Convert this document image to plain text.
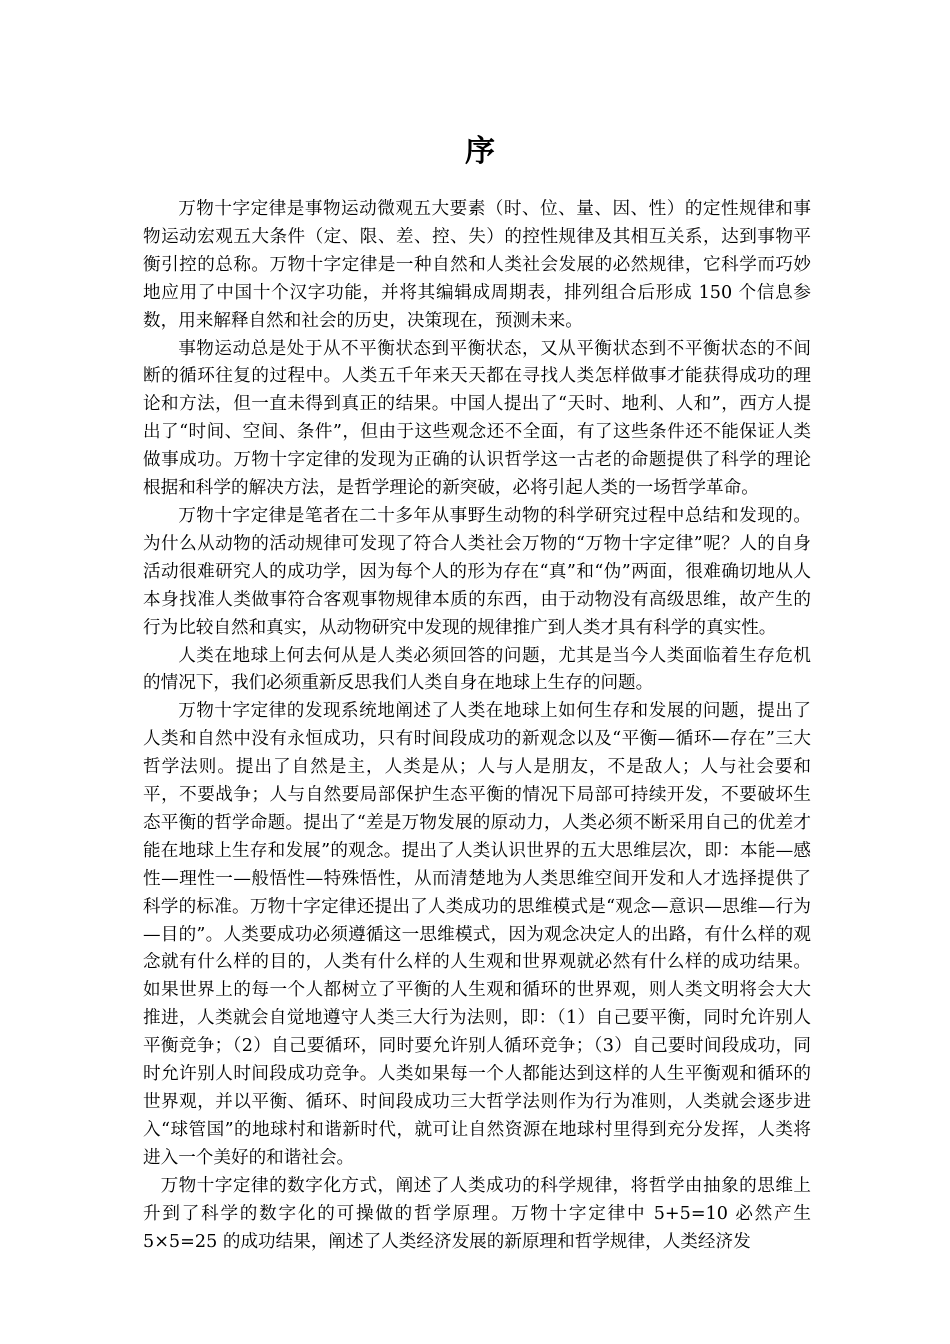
序

万物十字定律是事物运动微观五大要素（时、位、量、因、性）的定性规律和事物运动宏观五大条件（定、限、差、控、失）的控性规律及其相互关系，达到事物平衡引控的总称。万物十字定律是一种自然和人类社会发展的必然规律，它科学而巧妙地应用了中国十个汉字功能，并将其编辑成周期表，排列组合后形成 150 个信息参数，用来解释自然和社会的历史，决策现在，预测未来。

事物运动总是处于从不平衡状态到平衡状态，又从平衡状态到不平衡状态的不间断的循环往复的过程中。人类五千年来天天都在寻找人类怎样做事才能获得成功的理论和方法，但一直未得到真正的结果。中国人提出了“天时、地利、人和”，西方人提出了“时间、空间、条件”，但由于这些观念还不全面，有了这些条件还不能保证人类做事成功。万物十字定律的发现为正确的认识哲学这一古老的命题提供了科学的理论根据和科学的解决方法，是哲学理论的新突破，必将引起人类的一场哲学革命。

万物十字定律是笔者在二十多年从事野生动物的科学研究过程中总结和发现的。为什么从动物的活动规律可发现了符合人类社会万物的“万物十字定律”呢？人的自身活动很难研究人的成功学，因为每个人的形为存在“真”和“伪”两面，很难确切地从人本身找准人类做事符合客观事物规律本质的东西，由于动物没有高级思维，故产生的行为比较自然和真实，从动物研究中发现的规律推广到人类才具有科学的真实性。

人类在地球上何去何从是人类必须回答的问题，尤其是当今人类面临着生存危机的情况下，我们必须重新反思我们人类自身在地球上生存的问题。

万物十字定律的发现系统地阐述了人类在地球上如何生存和发展的问题，提出了人类和自然中没有永恒成功，只有时间段成功的新观念以及“平衡—循环—存在”三大哲学法则。提出了自然是主，人类是从；人与人是朋友，不是敌人；人与社会要和平，不要战争；人与自然要局部保护生态平衡的情况下局部可持续开发，不要破坏生态平衡的哲学命题。提出了“差是万物发展的原动力，人类必须不断采用自己的优差才能在地球上生存和发展”的观念。提出了人类认识世界的五大思维层次，即：本能—感性—理性一—般悟性—特殊悟性，从而清楚地为人类思维空间开发和人才选择提供了科学的标准。万物十字定律还提出了人类成功的思维模式是“观念—意识—思维—行为—目的”。人类要成功必须遵循这一思维模式，因为观念决定人的出路，有什么样的观念就有什么样的目的，人类有什么样的人生观和世界观就必然有什么样的成功结果。如果世界上的每一个人都树立了平衡的人生观和循环的世界观，则人类文明将会大大推进，人类就会自觉地遵守人类三大行为法则，即：（1）自己要平衡，同时允许别人平衡竞争；（2）自己要循环，同时要允许别人循环竞争；（3）自己要时间段成功，同时允许别人时间段成功竞争。人类如果每一个人都能达到这样的人生平衡观和循环的世界观，并以平衡、循环、时间段成功三大哲学法则作为行为准则，人类就会逐步进入“球管国”的地球村和谐新时代，就可让自然资源在地球村里得到充分发挥，人类将进入一个美好的和谐社会。

万物十字定律的数字化方式，阐述了人类成功的科学规律，将哲学由抽象的思维上升到了科学的数字化的可操做的哲学原理。万物十字定律中 5+5=10 必然产生 5×5=25 的成功结果，阐述了人类经济发展的新原理和哲学规律，人类经济发
